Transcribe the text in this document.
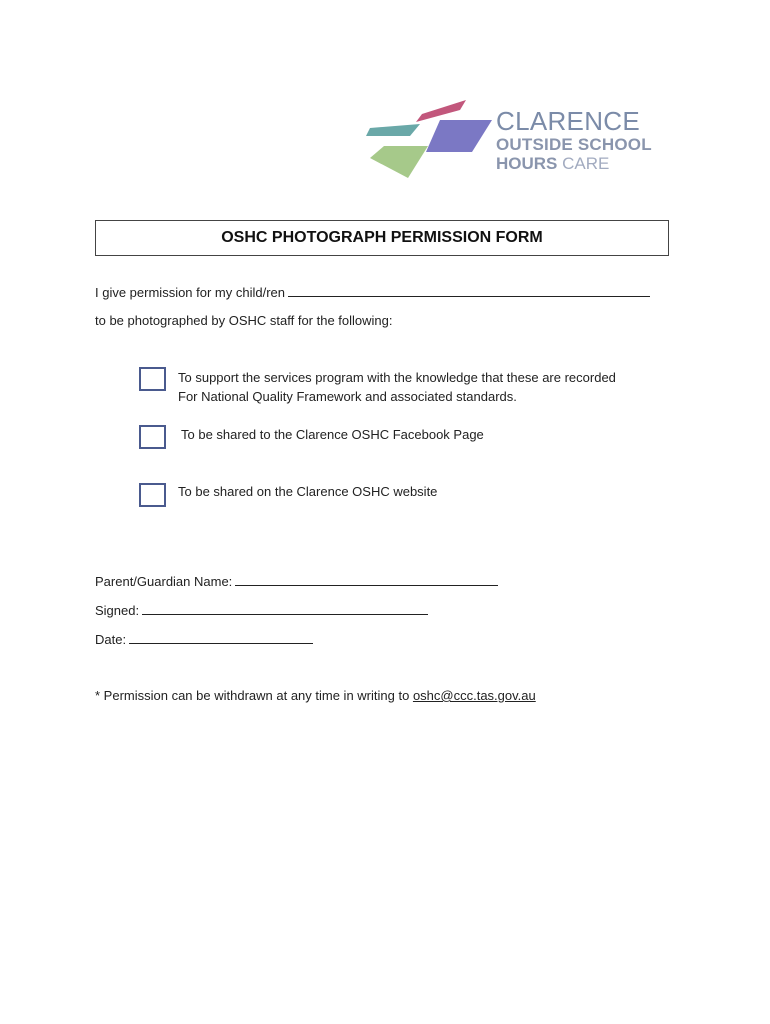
CLARENCE
OUTSIDE SCHOOL
HOURS CARE
OSHC PHOTOGRAPH PERMISSION FORM
I give permission for my child/ren
to be photographed by OSHC staff for the following:
To support the services program with the knowledge that these are recorded
For National Quality Framework and associated standards.
To be shared to the Clarence OSHC Facebook Page
To be shared on the Clarence OSHC website
Parent/Guardian Name:
Signed:
Date:
* Permission can be withdrawn at any time in writing to oshc@ccc.tas.gov.au
